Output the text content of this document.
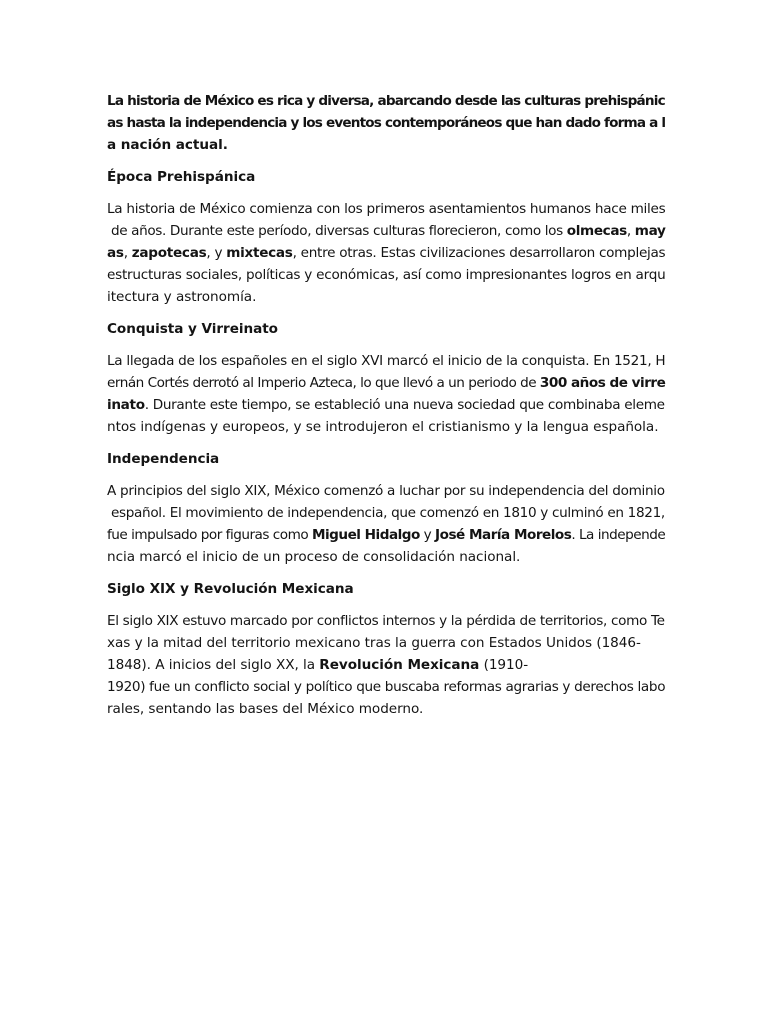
La historia de México es rica y diversa, abarcando desde las culturas prehispánic
as hasta la independencia y los eventos contemporáneos que han dado forma a l
a nación actual.
Época Prehispánica
La historia de México comienza con los primeros asentamientos humanos hace miles
de años. Durante este período, diversas culturas florecieron, como los olmecas, may
as, zapotecas, y mixtecas, entre otras. Estas civilizaciones desarrollaron complejas
estructuras sociales, políticas y económicas, así como impresionantes logros en arqu
itectura y astronomía.
Conquista y Virreinato
La llegada de los españoles en el siglo XVI marcó el inicio de la conquista. En 1521, H
ernán Cortés derrotó al Imperio Azteca, lo que llevó a un periodo de 300 años de virre
inato. Durante este tiempo, se estableció una nueva sociedad que combinaba eleme
ntos indígenas y europeos, y se introdujeron el cristianismo y la lengua española.
Independencia
A principios del siglo XIX, México comenzó a luchar por su independencia del dominio
español. El movimiento de independencia, que comenzó en 1810 y culminó en 1821,
fue impulsado por figuras como Miguel Hidalgo y José María Morelos. La independe
ncia marcó el inicio de un proceso de consolidación nacional.
Siglo XIX y Revolución Mexicana
El siglo XIX estuvo marcado por conflictos internos y la pérdida de territorios, como Te
xas y la mitad del territorio mexicano tras la guerra con Estados Unidos (1846-
1848). A inicios del siglo XX, la Revolución Mexicana (1910-
1920) fue un conflicto social y político que buscaba reformas agrarias y derechos labo
rales, sentando las bases del México moderno.
